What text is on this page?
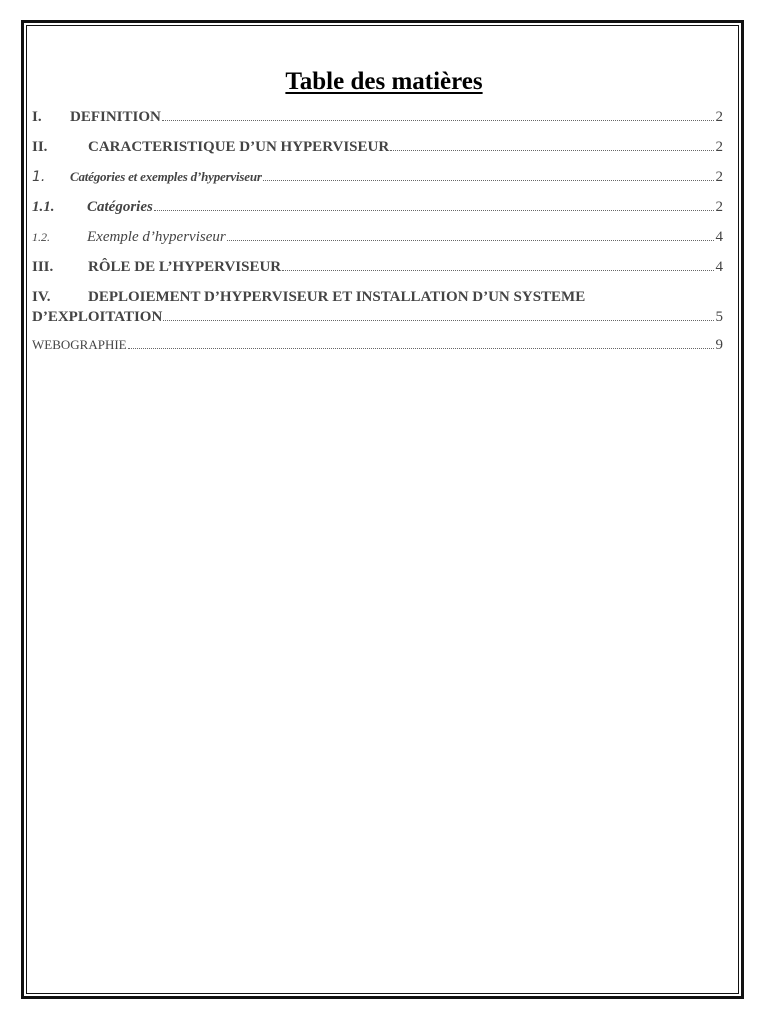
Table des matières
I.	DEFINITION	2
II.	CARACTERISTIQUE D’UN HYPERVISEUR	2
1.	Catégories et exemples d’hyperviseur	2
1.1.	Catégories	2
1.2.	Exemple d’hyperviseur	4
III.	RÔLE DE L’HYPERVISEUR	4
IV.	DEPLOIEMENT D’HYPERVISEUR ET INSTALLATION D’UN SYSTEME
D’EXPLOITATION	5
WEBOGRAPHIE	9
